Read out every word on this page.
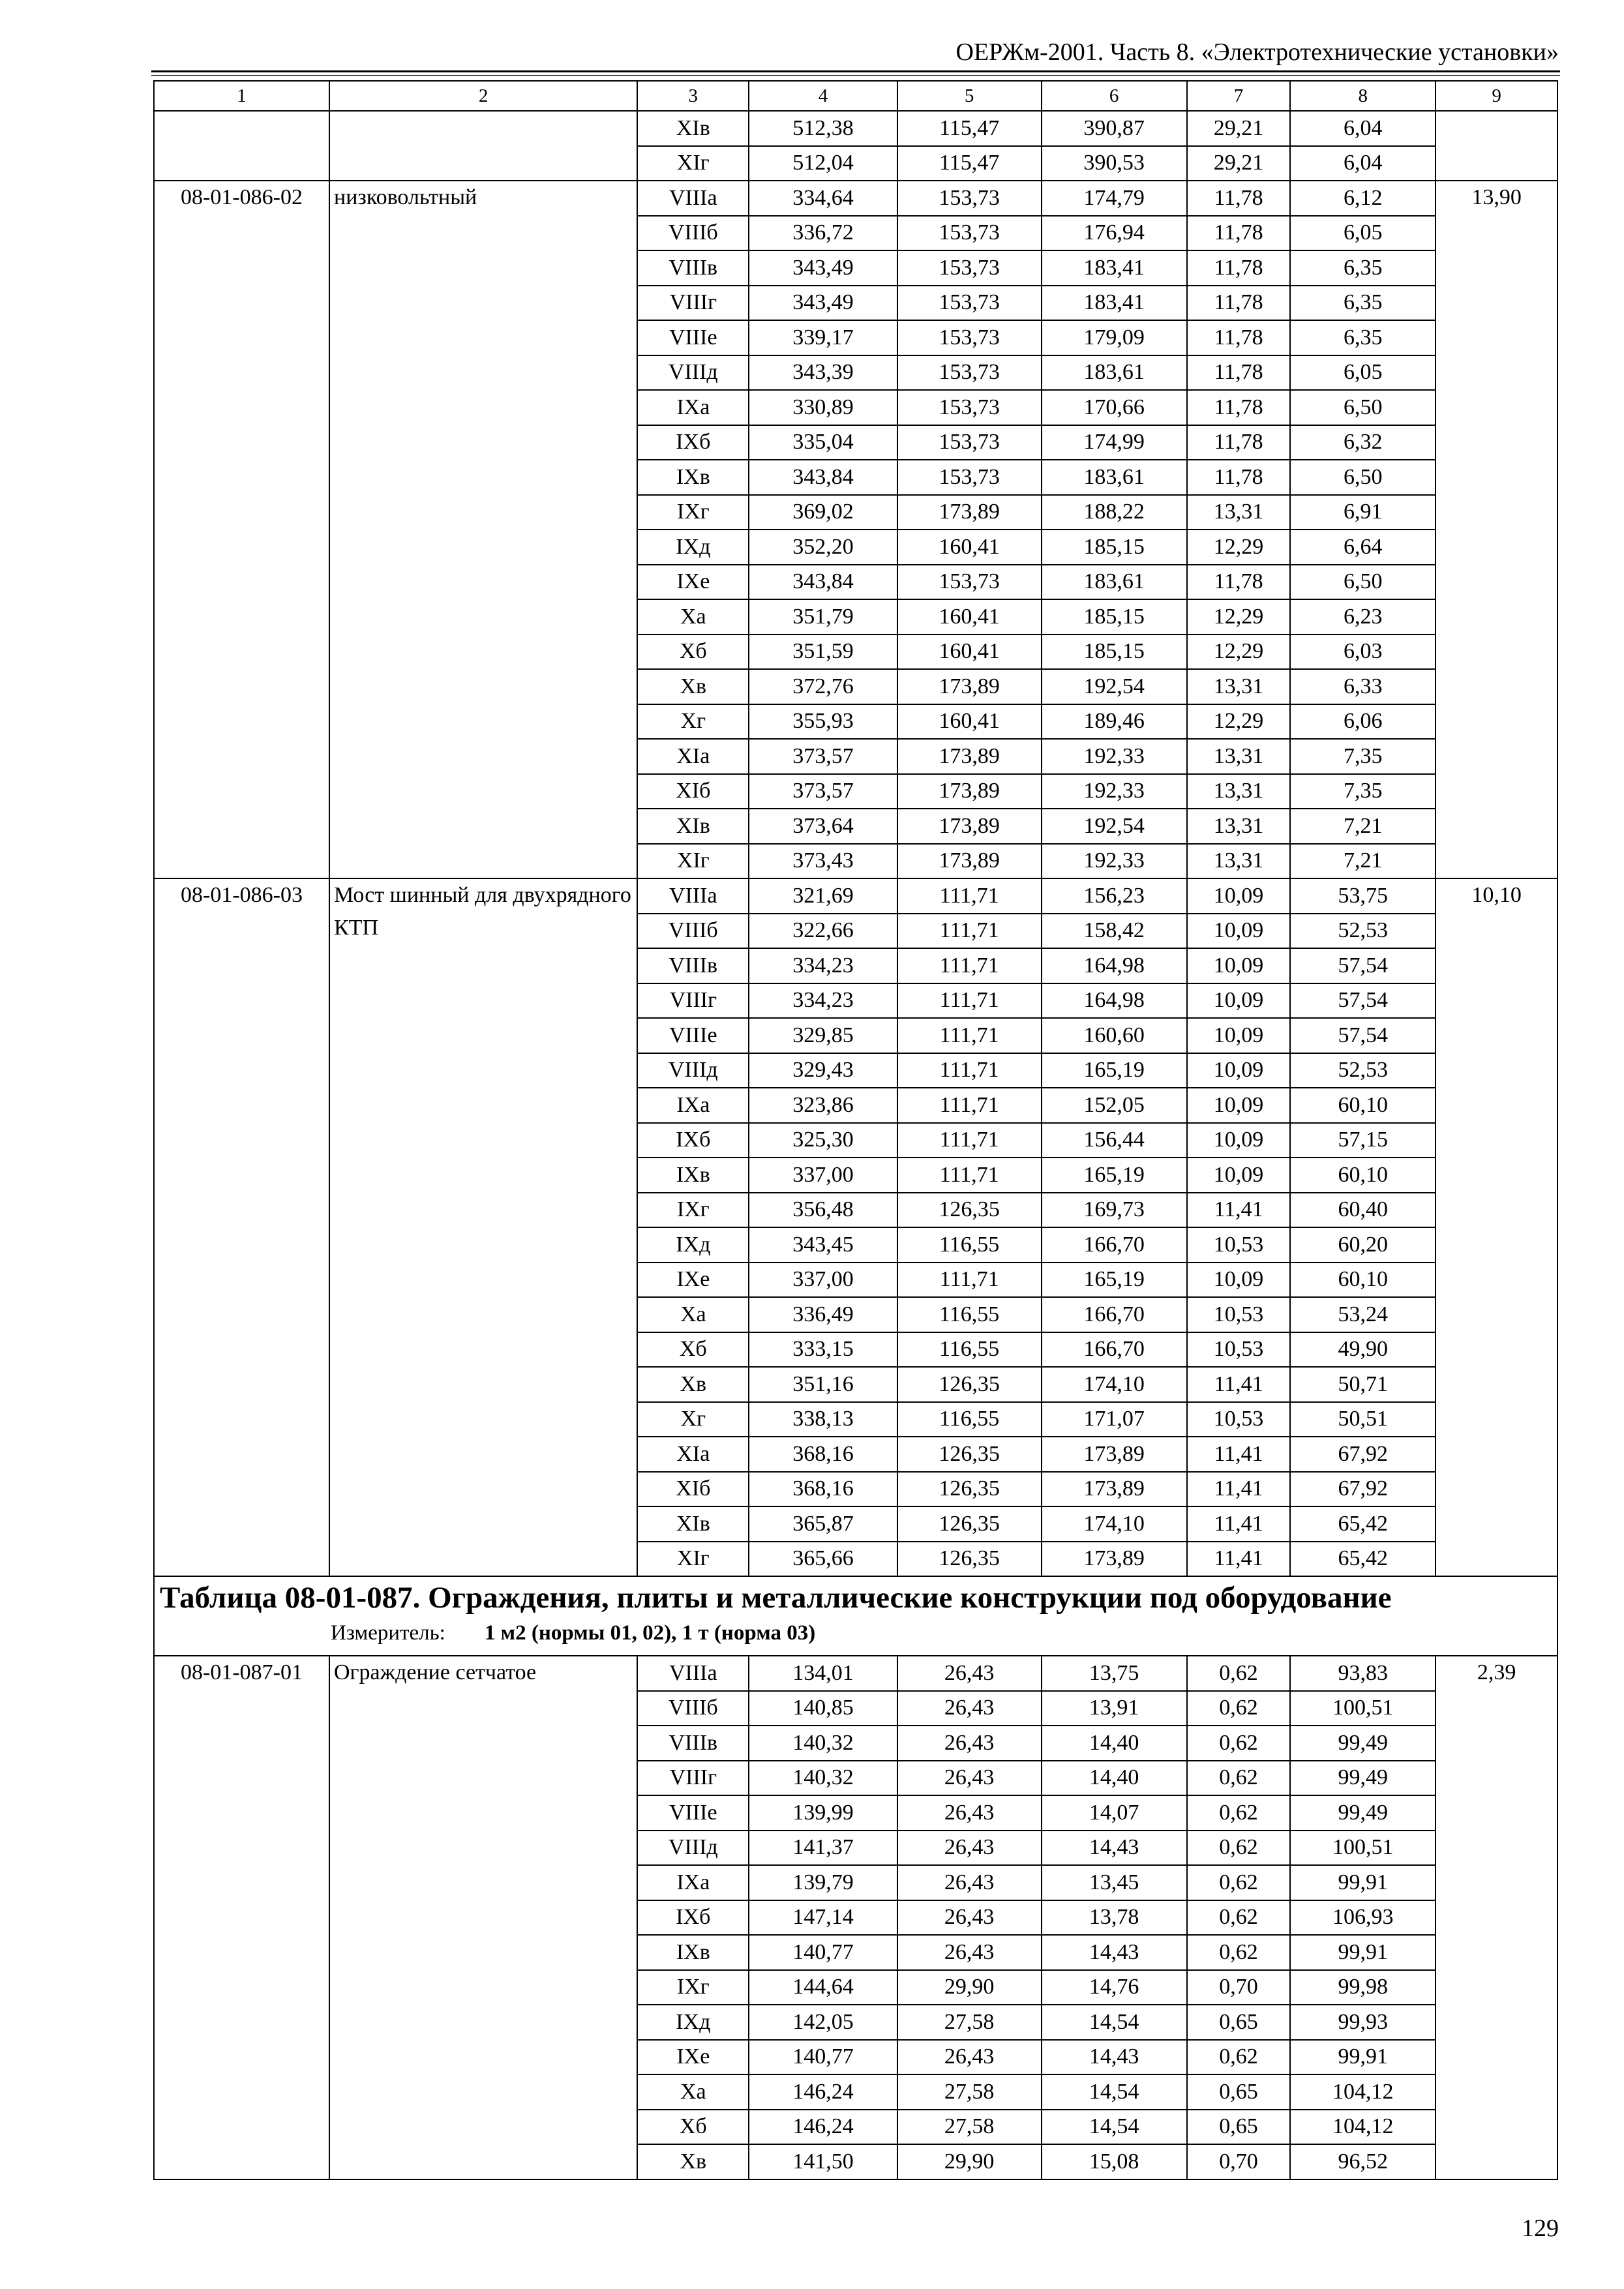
ОЕРЖм-2001. Часть 8. «Электротехнические установки»
1	2	3	4	5	6	7	8	9
		XIв	512,38	115,47	390,87	29,21	6,04	
		XIг	512,04	115,47	390,53	29,21	6,04	
08-01-086-02	низковольтный	VIIIа	334,64	153,73	174,79	11,78	6,12	13,90
		VIIIб	336,72	153,73	176,94	11,78	6,05	
		VIIIв	343,49	153,73	183,41	11,78	6,35	
		VIIIг	343,49	153,73	183,41	11,78	6,35	
		VIIIе	339,17	153,73	179,09	11,78	6,35	
		VIIIд	343,39	153,73	183,61	11,78	6,05	
		IXа	330,89	153,73	170,66	11,78	6,50	
		IXб	335,04	153,73	174,99	11,78	6,32	
		IXв	343,84	153,73	183,61	11,78	6,50	
		IXг	369,02	173,89	188,22	13,31	6,91	
		IXд	352,20	160,41	185,15	12,29	6,64	
		IXе	343,84	153,73	183,61	11,78	6,50	
		Xа	351,79	160,41	185,15	12,29	6,23	
		Xб	351,59	160,41	185,15	12,29	6,03	
		Xв	372,76	173,89	192,54	13,31	6,33	
		Xг	355,93	160,41	189,46	12,29	6,06	
		XIа	373,57	173,89	192,33	13,31	7,35	
		XIб	373,57	173,89	192,33	13,31	7,35	
		XIв	373,64	173,89	192,54	13,31	7,21	
		XIг	373,43	173,89	192,33	13,31	7,21	
08-01-086-03	Мост шинный для двухрядного КТП	VIIIа	321,69	111,71	156,23	10,09	53,75	10,10
		VIIIб	322,66	111,71	158,42	10,09	52,53	
		VIIIв	334,23	111,71	164,98	10,09	57,54	
		VIIIг	334,23	111,71	164,98	10,09	57,54	
		VIIIе	329,85	111,71	160,60	10,09	57,54	
		VIIIд	329,43	111,71	165,19	10,09	52,53	
		IXа	323,86	111,71	152,05	10,09	60,10	
		IXб	325,30	111,71	156,44	10,09	57,15	
		IXв	337,00	111,71	165,19	10,09	60,10	
		IXг	356,48	126,35	169,73	11,41	60,40	
		IXд	343,45	116,55	166,70	10,53	60,20	
		IXе	337,00	111,71	165,19	10,09	60,10	
		Xа	336,49	116,55	166,70	10,53	53,24	
		Xб	333,15	116,55	166,70	10,53	49,90	
		Xв	351,16	126,35	174,10	11,41	50,71	
		Xг	338,13	116,55	171,07	10,53	50,51	
		XIа	368,16	126,35	173,89	11,41	67,92	
		XIб	368,16	126,35	173,89	11,41	67,92	
		XIв	365,87	126,35	174,10	11,41	65,42	
		XIг	365,66	126,35	173,89	11,41	65,42	

Таблица 08-01-087. Ограждения, плиты и металлические конструкции под оборудование
Измеритель: 1 м2 (нормы 01, 02), 1 т (норма 03)								

08-01-087-01	Ограждение сетчатое	VIIIа	134,01	26,43	13,75	0,62	93,83	2,39
		VIIIб	140,85	26,43	13,91	0,62	100,51	
		VIIIв	140,32	26,43	14,40	0,62	99,49	
		VIIIг	140,32	26,43	14,40	0,62	99,49	
		VIIIе	139,99	26,43	14,07	0,62	99,49	
		VIIIд	141,37	26,43	14,43	0,62	100,51	
		IXа	139,79	26,43	13,45	0,62	99,91	
		IXб	147,14	26,43	13,78	0,62	106,93	
		IXв	140,77	26,43	14,43	0,62	99,91	
		IXг	144,64	29,90	14,76	0,70	99,98	
		IXд	142,05	27,58	14,54	0,65	99,93	
		IXе	140,77	26,43	14,43	0,62	99,91	
		Xа	146,24	27,58	14,54	0,65	104,12	
		Xб	146,24	27,58	14,54	0,65	104,12	
		Xв	141,50	29,90	15,08	0,70	96,52	
129
